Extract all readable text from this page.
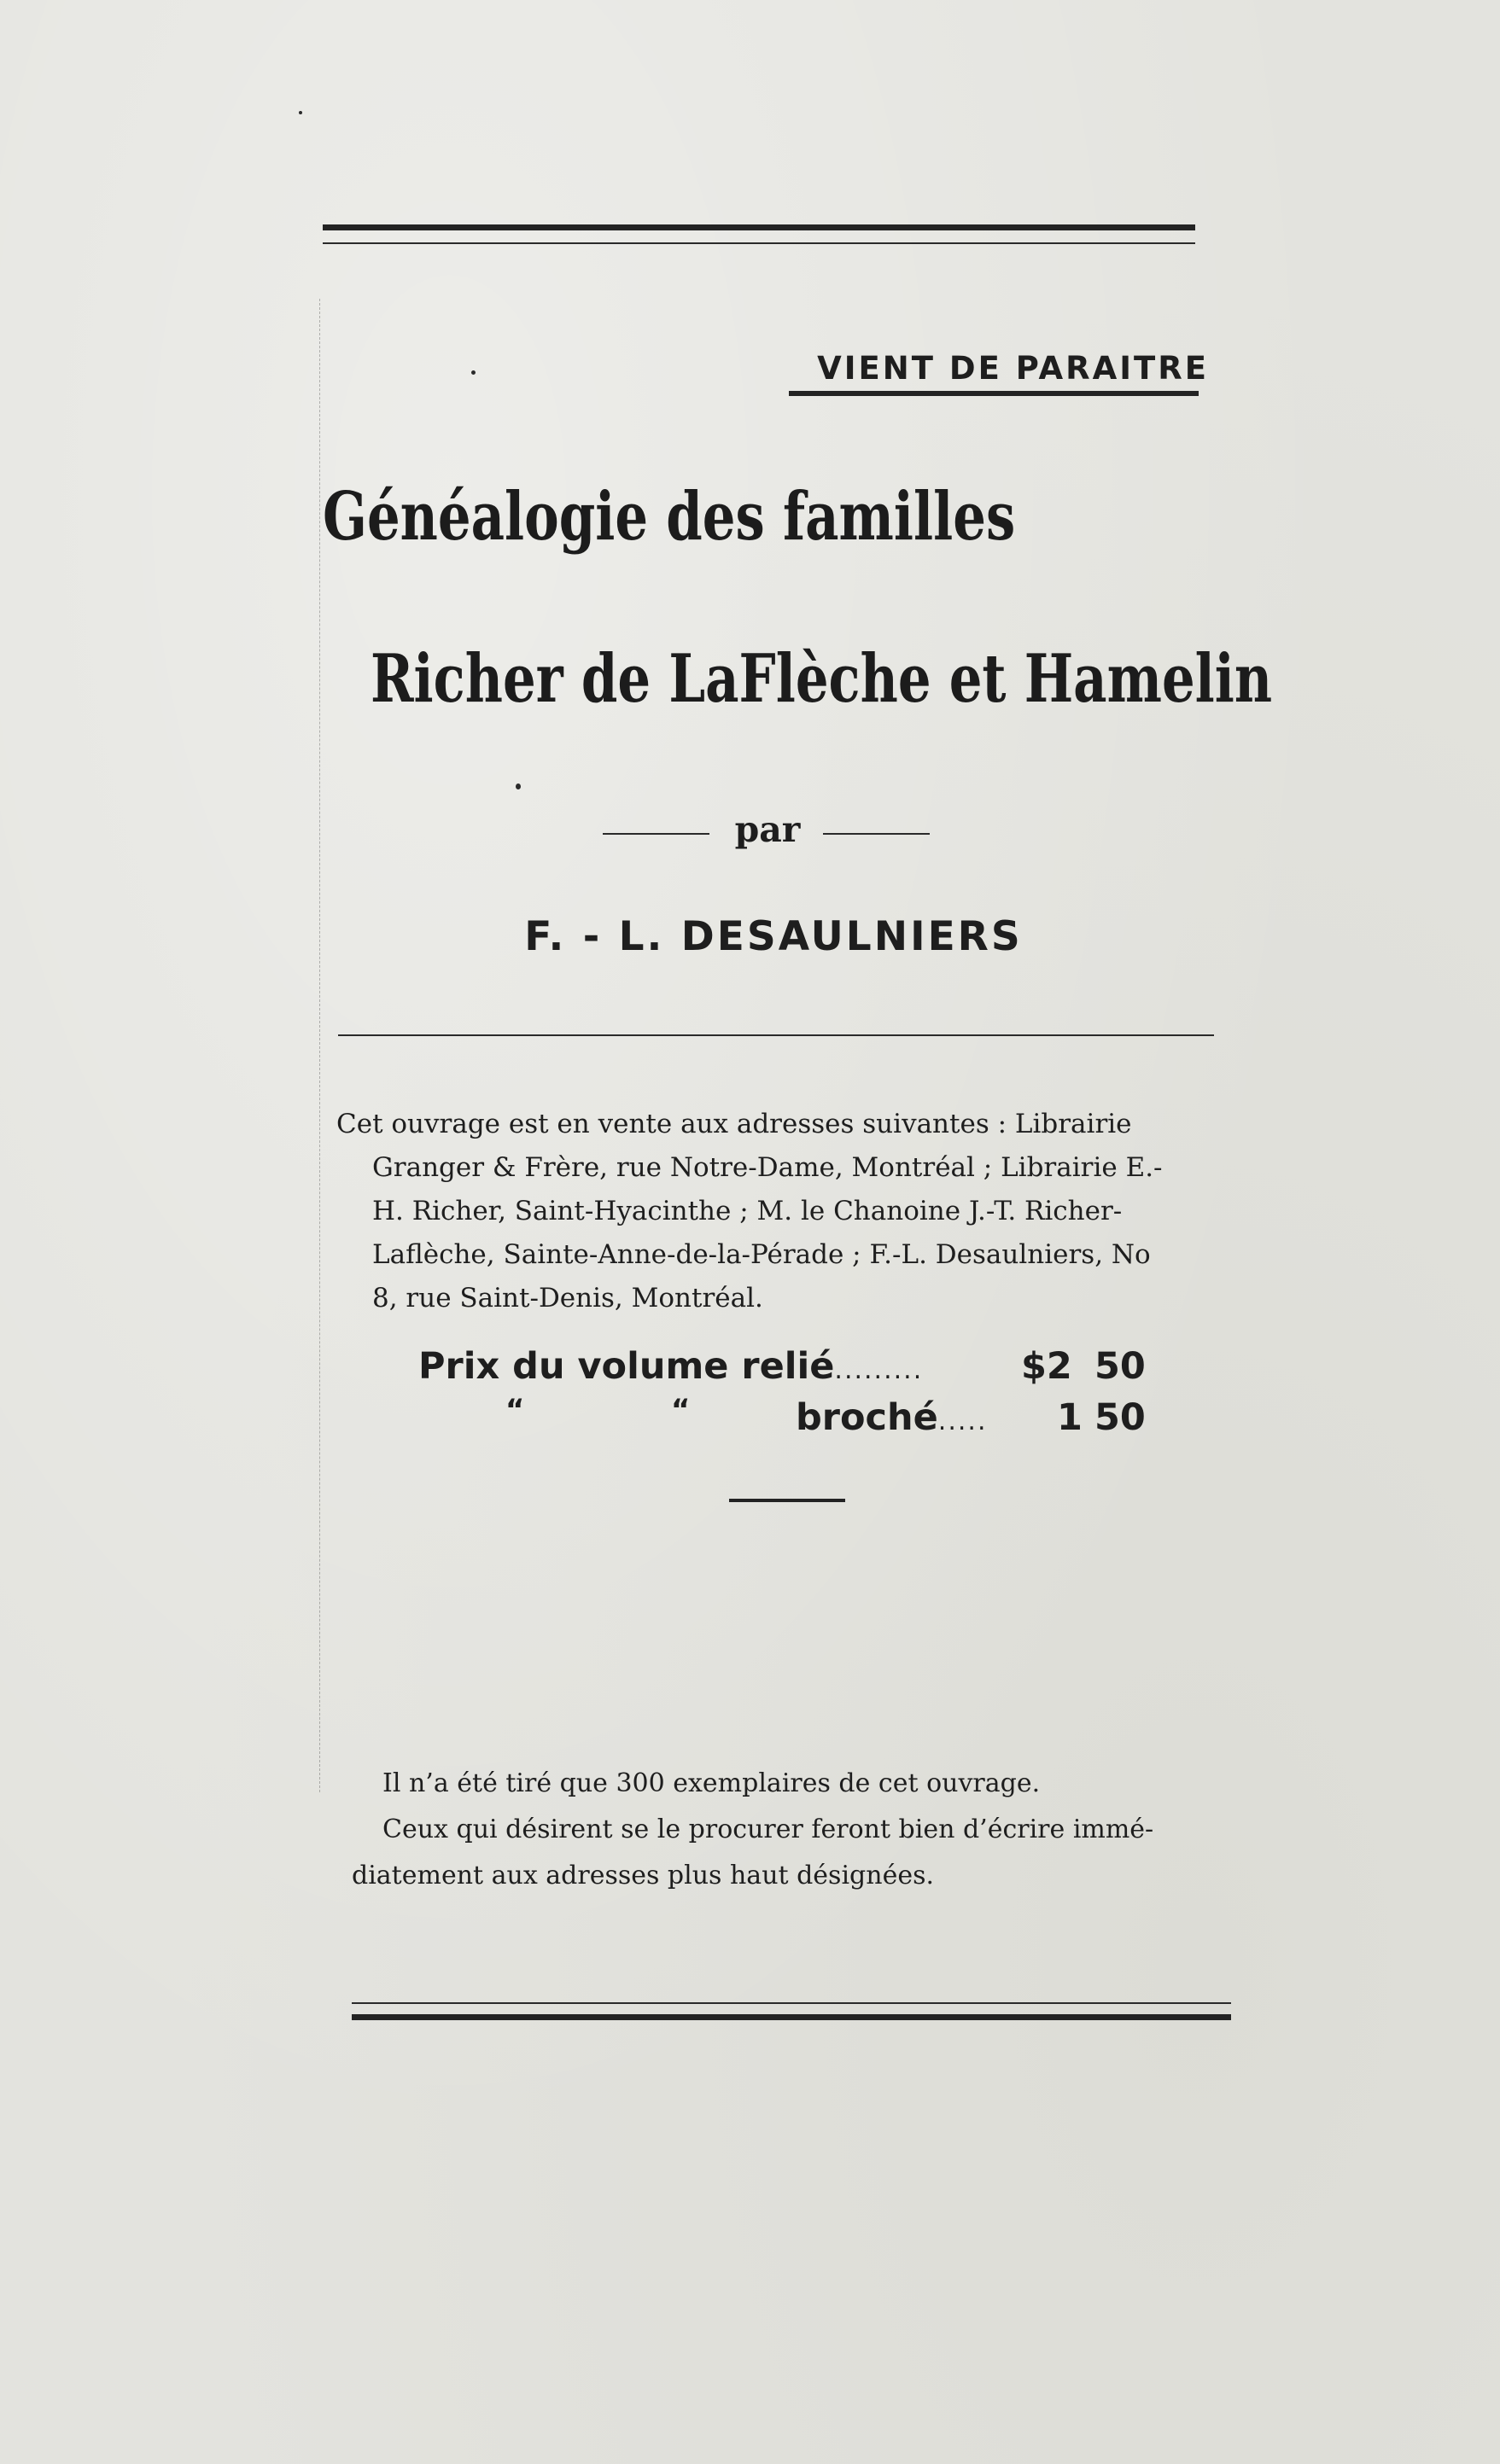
VIENT DE PARAITRE
Généalogie des familles
Richer de LaFlèche et Hamelin
par
F. - L. DESAULNIERS
Cet ouvrage est en vente aux adresses suivantes : Librairie
Granger & Frère, rue Notre-Dame, Montréal ; Librairie E.-
H. Richer, Saint-Hyacinthe ; M. le Chanoine J.-T. Richer-
Laflèche, Sainte-Anne-de-la-Pérade ; F.-L. Desaulniers, No
8, rue Saint-Denis, Montréal.
Prix du volume relié.........	$2 50
“	“	broché..... 1 50
Il n’a été tiré que 300 exemplaires de cet ouvrage.
Ceux qui désirent se le procurer feront bien d’écrire immé-
diatement aux adresses plus haut désignées.
